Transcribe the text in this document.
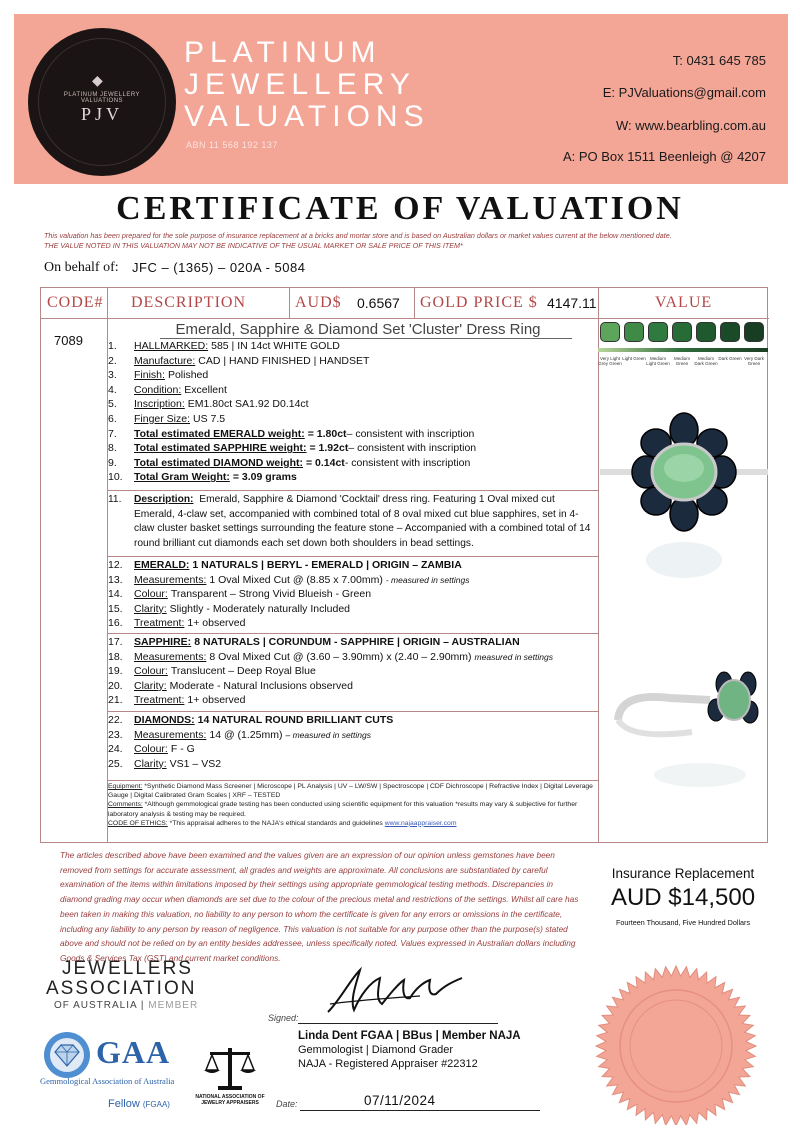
◆
PLATINUM JEWELLERY VALUATIONS
PJV
PLATINUM
JEWELLERY
VALUATIONS
ABN 11 568 192 137
T: 0431 645 785
E: PJValuations@gmail.com
W: www.bearbling.com.au
A: PO Box 1511 Beenleigh @ 4207
CERTIFICATE OF VALUATION
This valuation has been prepared for the sole purpose of insurance replacement at a bricks and mortar store and is based on Australian dollars or market values current at the below mentioned date.
THE VALUE NOTED IN THIS VALUATION MAY NOT BE INDICATIVE OF THE USUAL MARKET OR SALE PRICE OF THIS ITEM*
On behalf of: JFC – (1365) – 020A - 5084
CODE# DESCRIPTION	AUD$ 0.6567 GOLD PRICE $ 4147.11	VALUE
7089
Emerald, Sapphire & Diamond Set 'Cluster' Dress Ring
1.	HALLMARKED: 585 | IN 14ct WHITE GOLD
2.	Manufacture: CAD | HAND FINISHED | HANDSET
3.	Finish: Polished
4.	Condition: Excellent
5.	Inscription: EM1.80ct SA1.92 D0.14ct
6.	Finger Size: US 7.5
7.	Total estimated EMERALD weight: = 1.80ct – consistent with inscription
8.	Total estimated SAPPHIRE weight: = 1.92ct – consistent with inscription
9.	Total estimated DIAMOND weight: = 0.14ct - consistent with inscription
10.	Total Gram Weight: = 3.09 grams
11.	Description: Emerald, Sapphire & Diamond 'Cocktail' dress ring. Featuring 1 Oval mixed cut Emerald, 4-claw set, accompanied with combined total of 8 oval mixed cut blue sapphires, set in 4-claw cluster basket settings surrounding the feature stone – Accompanied with a combined total of 14 round brilliant cut diamonds each set down both shoulders in bead settings.
12.	EMERALD: 1 NATURALS | BERYL - EMERALD | ORIGIN – ZAMBIA
13.	Measurements: 1 Oval Mixed Cut @ (8.85 x 7.00mm) - measured in settings
14.	Colour: Transparent – Strong Vivid Blueish - Green
15.	Clarity: Slightly - Moderately naturally Included
16.	Treatment: 1+ observed
17.	SAPPHIRE: 8 NATURALS | CORUNDUM - SAPPHIRE | ORIGIN – AUSTRALIAN
18.	Measurements: 8 Oval Mixed Cut @ (3.60 – 3.90mm) x (2.40 – 2.90mm) measured in settings
19.	Colour: Translucent – Deep Royal Blue
20.	Clarity: Moderate - Natural Inclusions observed
21.	Treatment: 1+ observed
22.	DIAMONDS: 14 NATURAL ROUND BRILLIANT CUTS
23.	Measurements: 14 @ (1.25mm) – measured in settings
24.	Colour: F - G
25.	Clarity: VS1 – VS2
Equipment: *Synthetic Diamond Mass Screener | Microscope | PL Analysis | UV – LW/SW | Spectroscope | CDF Dichroscope | Refractive Index | Digital Leverage Gauge | Digital Calibrated Gram Scales | XRF – TESTED
Comments: *Although gemmological grade testing has been conducted using scientific equipment for this valuation *results may vary & subjective for further laboratory analysis & testing may be required.
CODE OF ETHICS: *This appraisal adheres to the NAJA's ethical standards and guidelines www.najaappraiser.com
Very Light Grey Green
Light Green Medium Light Green
Medium Green
Medium Dark Green
Dark Green Very Dark Green
The articles described above have been examined and the values given are an expression of our opinion unless gemstones have been removed from settings for accurate assessment, all grades and weights are approximate. All conclusions are substantiated by careful examination of the items within limitations imposed by their settings using appropriate gemmological testing methods. Discrepancies in diamond grading may occur when diamonds are set due to the colour of the precious metal and restrictions of the settings. Whilst all care has been taken in making this valuation, no liability to any person to whom the certificate is given for any errors or omissions in the certificate, including any liability to any person by reason of negligence. This valuation is not suitable for any purpose other than the purpose(s) stated above and should not be relied on by an entity besides addressee, unless specifically noted. Values expressed in Australian dollars including Goods & Services Tax (GST) and current market conditions.
Insurance Replacement
AUD $14,500
Fourteen Thousand, Five Hundred Dollars
JEWELLERS
ASSOCIATION
OF AUSTRALIA | MEMBER
GAA
Gemmological Association of Australia
Fellow (FGAA)
NATIONAL ASSOCIATION OF JEWELRY APPRAISERS
Signed:
Linda Dent FGAA | BBus | Member NAJA
Gemmologist | Diamond Grader
NAJA - Registered Appraiser #22312
Date:	07/11/2024
